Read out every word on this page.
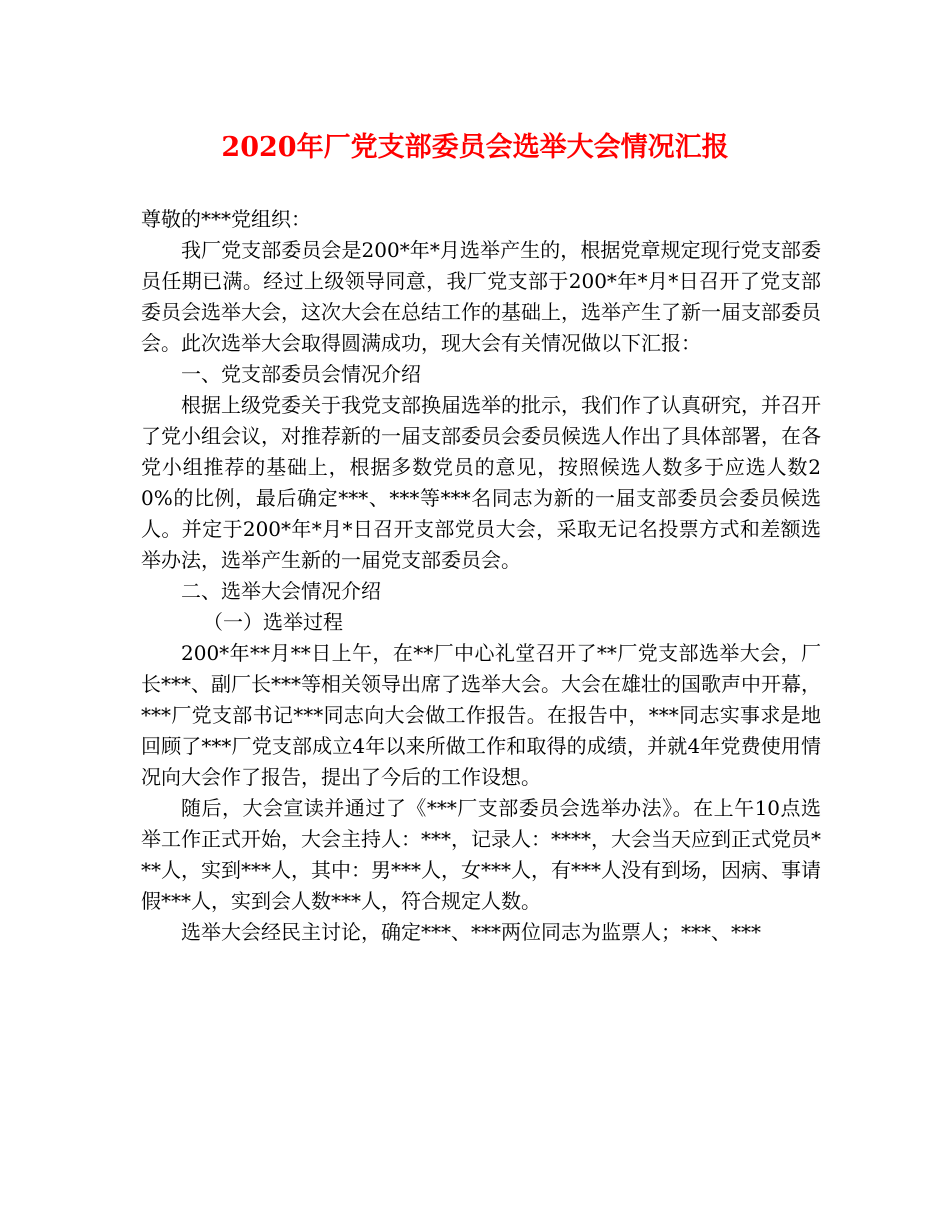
2020年厂党支部委员会选举大会情况汇报

尊敬的***党组织：

我厂党支部委员会是200*年*月选举产生的，根据党章规定现行党支部委员任期已满。经过上级领导同意，我厂党支部于200*年*月*日召开了党支部委员会选举大会，这次大会在总结工作的基础上，选举产生了新一届支部委员会。此次选举大会取得圆满成功，现大会有关情况做以下汇报：

一、党支部委员会情况介绍

根据上级党委关于我党支部换届选举的批示，我们作了认真研究，并召开了党小组会议，对推荐新的一届支部委员会委员候选人作出了具体部署，在各党小组推荐的基础上，根据多数党员的意见，按照候选人数多于应选人数20%的比例，最后确定***、***等***名同志为新的一届支部委员会委员候选人。并定于200*年*月*日召开支部党员大会，采取无记名投票方式和差额选举办法，选举产生新的一届党支部委员会。

二、选举大会情况介绍

（一）选举过程

200*年**月**日上午，在**厂中心礼堂召开了**厂党支部选举大会，厂长***、副厂长***等相关领导出席了选举大会。大会在雄壮的国歌声中开幕，***厂党支部书记***同志向大会做工作报告。在报告中，***同志实事求是地回顾了***厂党支部成立4年以来所做工作和取得的成绩，并就4年党费使用情况向大会作了报告，提出了今后的工作设想。

随后，大会宣读并通过了《***厂支部委员会选举办法》。在上午10点选举工作正式开始，大会主持人：***，记录人：****，大会当天应到正式党员***人，实到***人，其中：男***人，女***人，有***人没有到场，因病、事请假***人，实到会人数***人，符合规定人数。

选举大会经民主讨论，确定***、***两位同志为监票人；***、***
